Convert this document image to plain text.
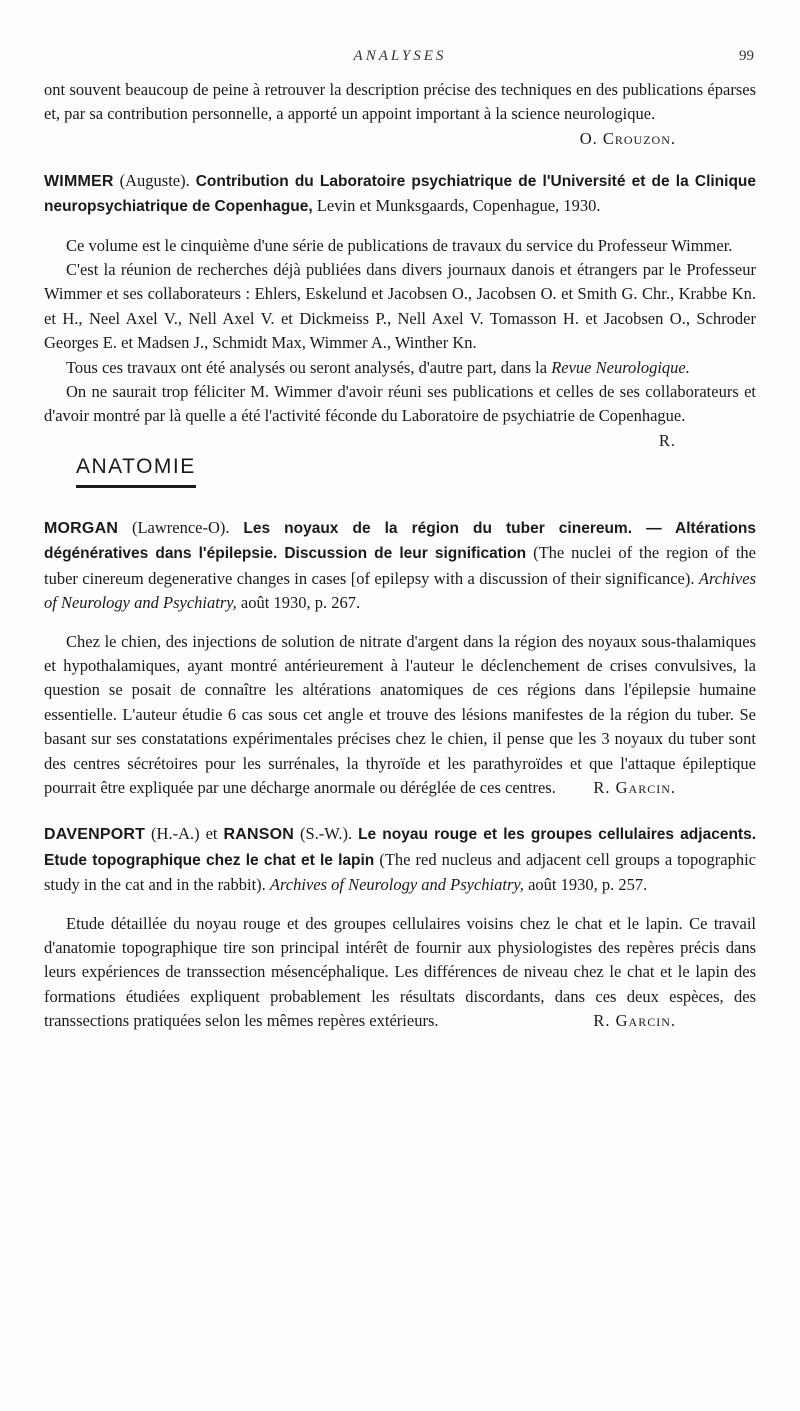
ANALYSES	99

ont souvent beaucoup de peine à retrouver la description précise des techniques en des publications éparses et, par sa contribution personnelle, a apporté un appoint important à la science neurologique.
O. Crouzon.

WIMMER (Auguste). Contribution du Laboratoire psychiatrique de l'Université et de la Clinique neuropsychiatrique de Copenhague, Levin et Munksgaards, Copenhague, 1930.

Ce volume est le cinquième d'une série de publications de travaux du service du Professeur Wimmer.

C'est la réunion de recherches déjà publiées dans divers journaux danois et étrangers par le Professeur Wimmer et ses collaborateurs : Ehlers, Eskelund et Jacobsen O., Jacobsen O. et Smith G. Chr., Krabbe Kn. et H., Neel Axel V., Nell Axel V. et Dickmeiss P., Nell Axel V. Tomasson H. et Jacobsen O., Schroder Georges E. et Madsen J., Schmidt Max, Wimmer A., Winther Kn.

Tous ces travaux ont été analysés ou seront analysés, d'autre part, dans la Revue Neurologique.

On ne saurait trop féliciter M. Wimmer d'avoir réuni ses publications et celles de ses collaborateurs et d'avoir montré par là quelle a été l'activité féconde du Laboratoire de psychiatrie de Copenhague.
R.

ANATOMIE

MORGAN (Lawrence-O). Les noyaux de la région du tuber cinereum. — Altérations dégénératives dans l'épilepsie. Discussion de leur signification (The nuclei of the region of the tuber cinereum degenerative changes in cases [of epilepsy with a discussion of their significance). Archives of Neurology and Psychiatry, août 1930, p. 267.

Chez le chien, des injections de solution de nitrate d'argent dans la région des noyaux sous-thalamiques et hypothalamiques, ayant montré antérieurement à l'auteur le déclenchement de crises convulsives, la question se posait de connaître les altérations anatomiques de ces régions dans l'épilepsie humaine essentielle. L'auteur étudie 6 cas sous cet angle et trouve des lésions manifestes de la région du tuber. Se basant sur ses constatations expérimentales précises chez le chien, il pense que les 3 noyaux du tuber sont des centres sécrétoires pour les surrénales, la thyroïde et les parathyroïdes et que l'attaque épileptique pourrait être expliquée par une décharge anormale ou déréglée de ces centres.	R. Garcin.

DAVENPORT (H.-A.) et RANSON (S.-W.). Le noyau rouge et les groupes cellulaires adjacents. Etude topographique chez le chat et le lapin (The red nucleus and adjacent cell groups a topographic study in the cat and in the rabbit). Archives of Neurology and Psychiatry, août 1930, p. 257.

Etude détaillée du noyau rouge et des groupes cellulaires voisins chez le chat et le lapin. Ce travail d'anatomie topographique tire son principal intérêt de fournir aux physiologistes des repères précis dans leurs expériences de transsection mésencéphalique. Les différences de niveau chez le chat et le lapin des formations étudiées expliquent probablement les résultats discordants, dans ces deux espèces, des transsections pratiquées selon les mêmes repères extérieurs.	R. Garcin.
